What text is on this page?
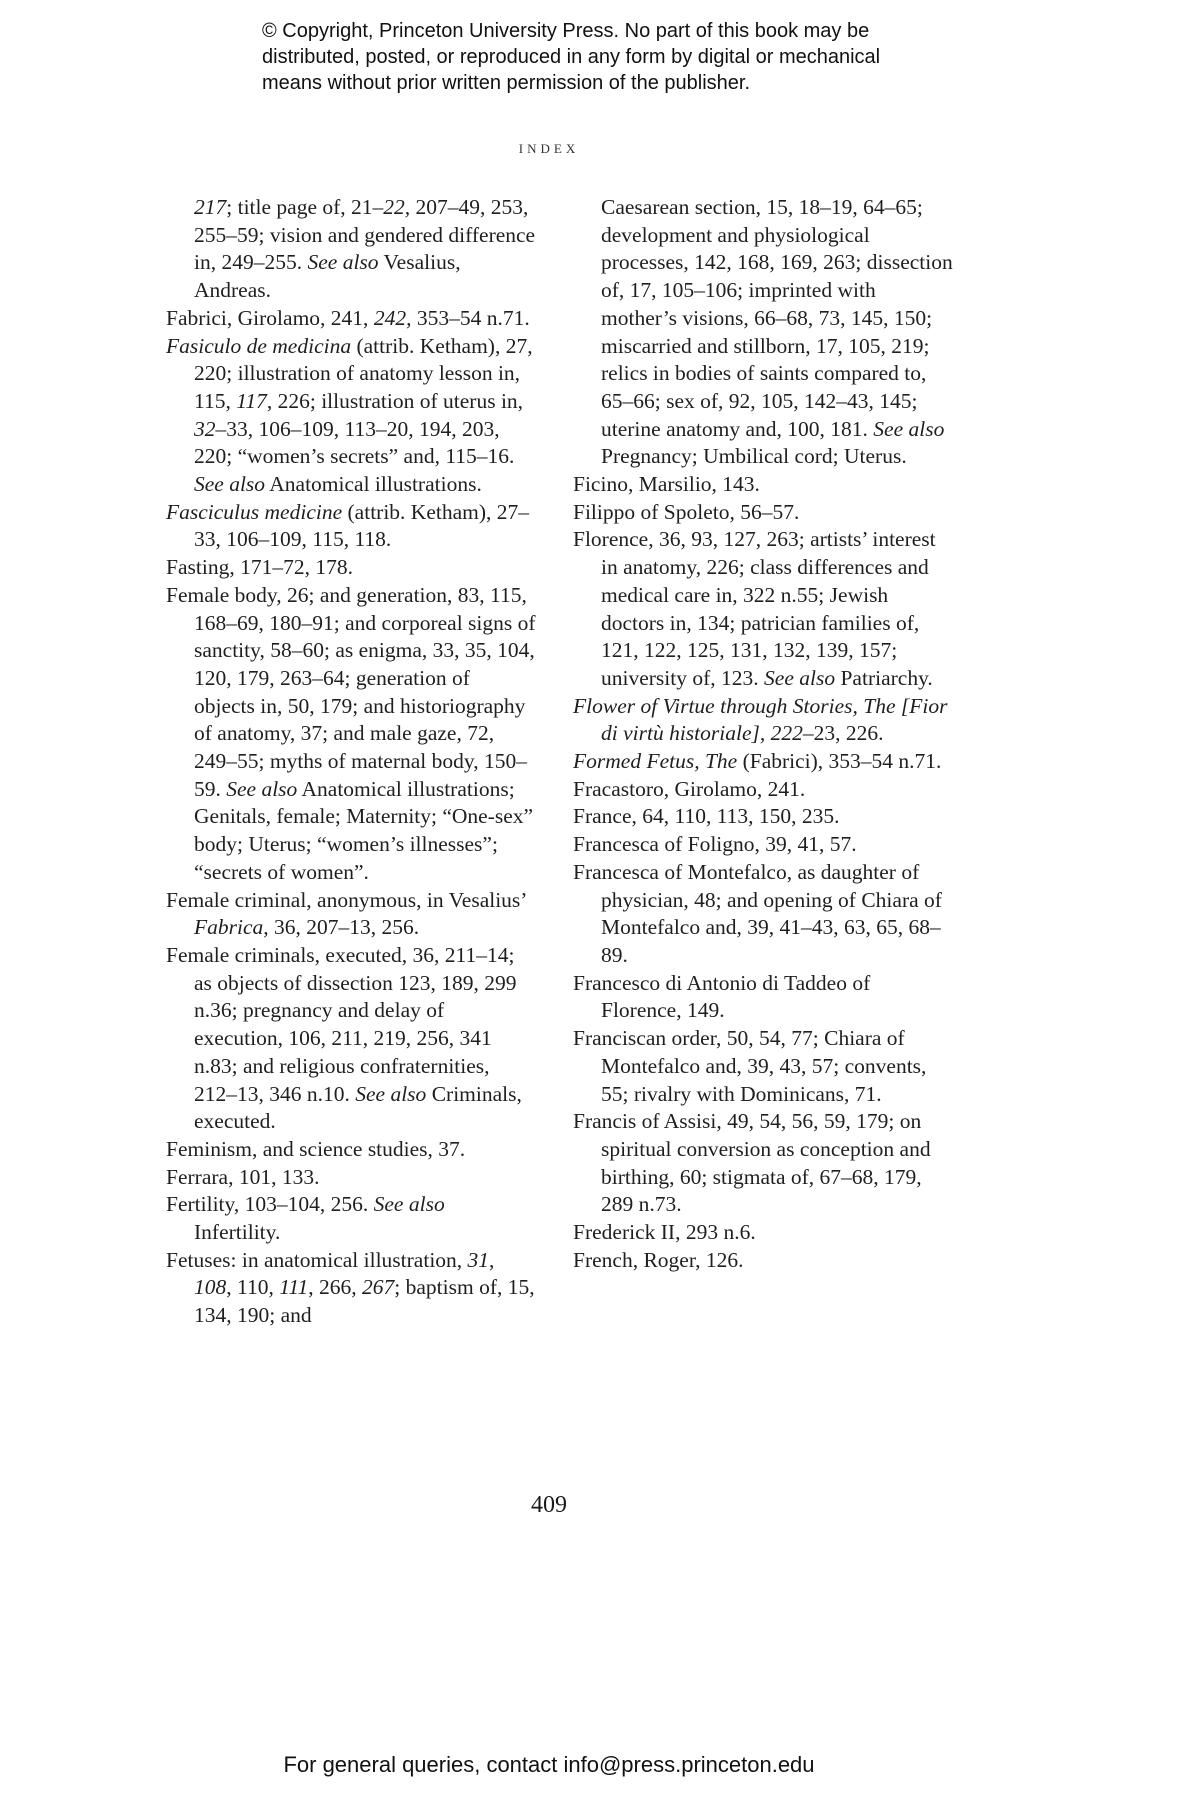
© Copyright, Princeton University Press. No part of this book may be
distributed, posted, or reproduced in any form by digital or mechanical
means without prior written permission of the publisher.
INDEX

217; title page of, 21–22, 207–49, 253, 255–59; vision and gendered difference in, 249–255. See also Vesalius, Andreas.

Fabrici, Girolamo, 241, 242, 353–54 n.71.

Fasiculo de medicina (attrib. Ketham), 27, 220; illustration of anatomy lesson in, 115, 117, 226; illustration of uterus in, 32–33, 106–109, 113–20, 194, 203, 220; “women’s secrets” and, 115–16. See also Anatomical illustrations.

Fasciculus medicine (attrib. Ketham), 27–33, 106–109, 115, 118.

Fasting, 171–72, 178.

Female body, 26; and generation, 83, 115, 168–69, 180–91; and corporeal signs of sanctity, 58–60; as enigma, 33, 35, 104, 120, 179, 263–64; generation of objects in, 50, 179; and historiography of anatomy, 37; and male gaze, 72, 249–55; myths of maternal body, 150–59. See also Anatomical illustrations; Genitals, female; Maternity; “One-sex” body; Uterus; “women’s illnesses”; “secrets of women”.

Female criminal, anonymous, in Vesalius’ Fabrica, 36, 207–13, 256.

Female criminals, executed, 36, 211–14; as objects of dissection 123, 189, 299 n.36; pregnancy and delay of execution, 106, 211, 219, 256, 341 n.83; and religious confraternities, 212–13, 346 n.10. See also Criminals, executed.

Feminism, and science studies, 37.

Ferrara, 101, 133.

Fertility, 103–104, 256. See also Infertility.

Fetuses: in anatomical illustration, 31, 108, 110, 111, 266, 267; baptism of, 15, 134, 190; and

Caesarean section, 15, 18–19, 64–65; development and physiological processes, 142, 168, 169, 263; dissection of, 17, 105–106; imprinted with mother’s visions, 66–68, 73, 145, 150; miscarried and stillborn, 17, 105, 219; relics in bodies of saints compared to, 65–66; sex of, 92, 105, 142–43, 145; uterine anatomy and, 100, 181. See also Pregnancy; Umbilical cord; Uterus.

Ficino, Marsilio, 143.

Filippo of Spoleto, 56–57.

Florence, 36, 93, 127, 263; artists’ interest in anatomy, 226; class differences and medical care in, 322 n.55; Jewish doctors in, 134; patrician families of, 121, 122, 125, 131, 132, 139, 157; university of, 123. See also Patriarchy.

Flower of Virtue through Stories, The [Fior di virtù historiale], 222–23, 226.

Formed Fetus, The (Fabrici), 353–54 n.71.

Fracastoro, Girolamo, 241.

France, 64, 110, 113, 150, 235.

Francesca of Foligno, 39, 41, 57.

Francesca of Montefalco, as daughter of physician, 48; and opening of Chiara of Montefalco and, 39, 41–43, 63, 65, 68–89.

Francesco di Antonio di Taddeo of Florence, 149.

Franciscan order, 50, 54, 77; Chiara of Montefalco and, 39, 43, 57; convents, 55; rivalry with Dominicans, 71.

Francis of Assisi, 49, 54, 56, 59, 179; on spiritual conversion as conception and birthing, 60; stigmata of, 67–68, 179, 289 n.73.

Frederick II, 293 n.6.

French, Roger, 126.

409
For general queries, contact info@press.princeton.edu
